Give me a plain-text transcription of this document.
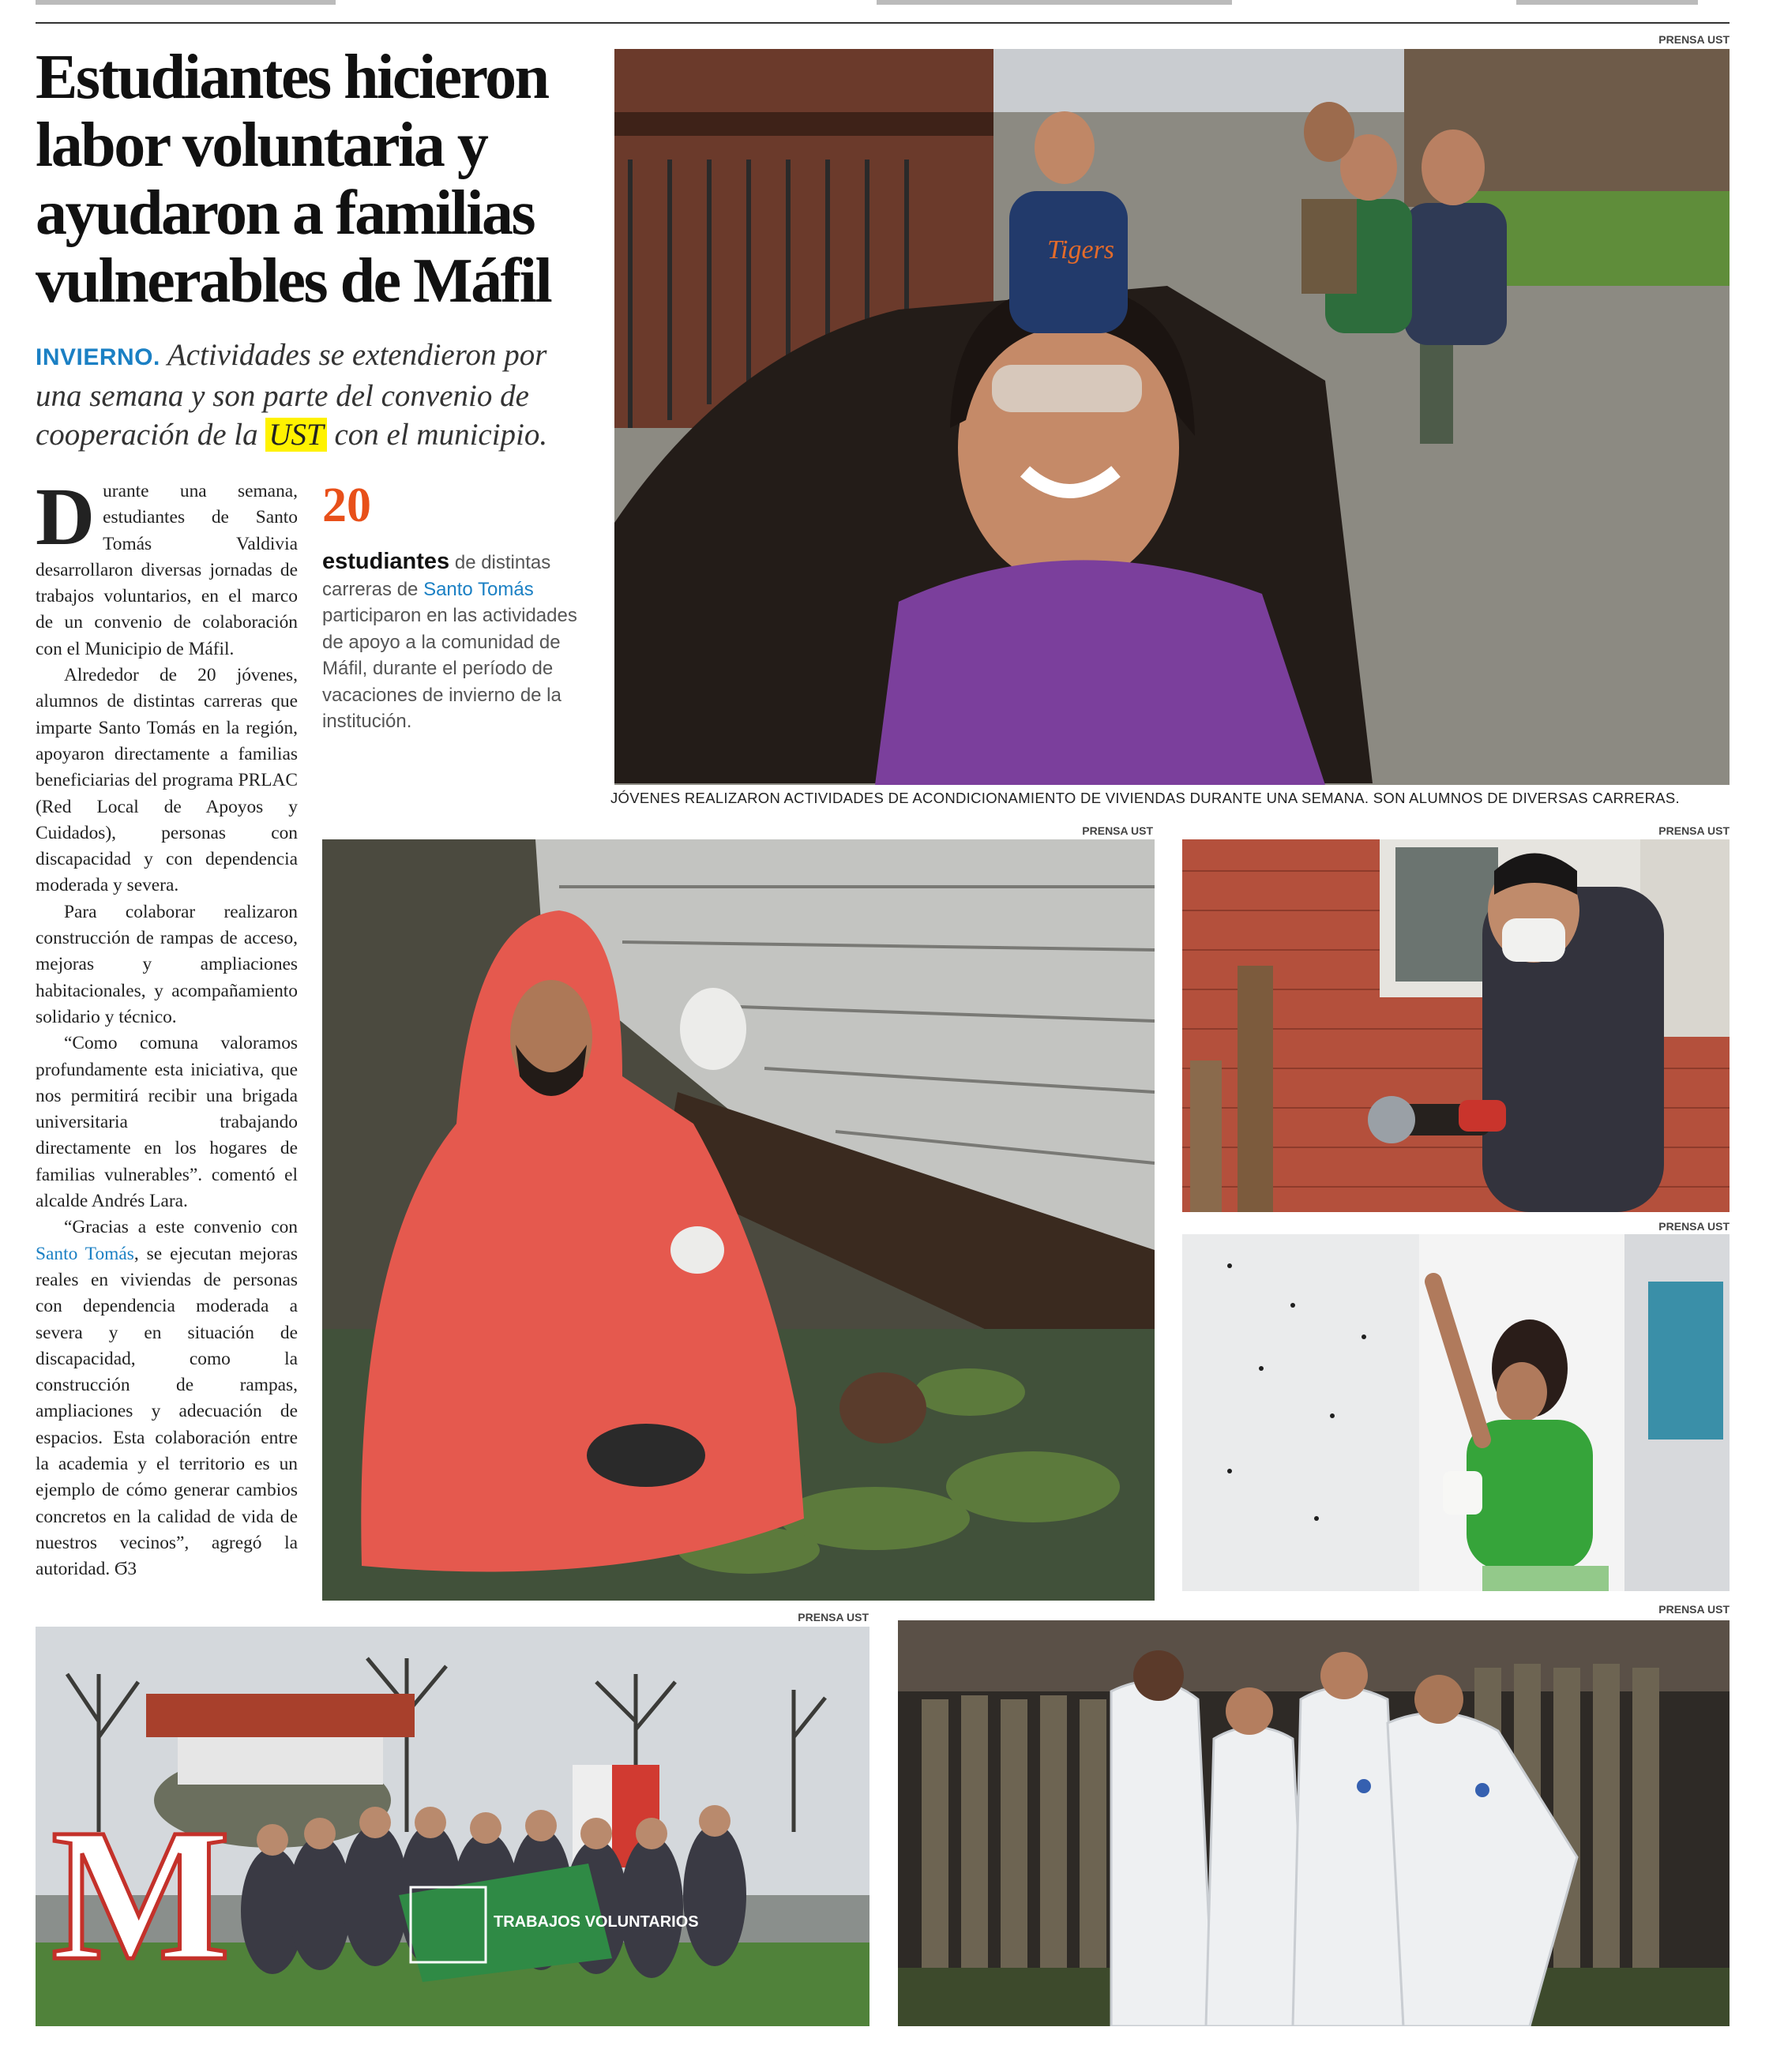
Estudiantes hicieron labor voluntaria y ayudaron a familias vulnerables de Máfil

INVIERNO. Actividades se extendieron por una semana y son parte del convenio de cooperación de la UST con el municipio.

Durante una semana, estudiantes de Santo Tomás Valdivia desarrollaron diversas jornadas de trabajos voluntarios, en el marco de un convenio de colaboración con el Municipio de Máfil.

Alrededor de 20 jóvenes, alumnos de distintas carreras que imparte Santo Tomás en la región, apoyaron directamente a familias beneficiarias del programa PRLAC (Red Local de Apoyos y Cuidados), personas con discapacidad y con dependencia moderada y severa.

Para colaborar realizaron construcción de rampas de acceso, mejoras y ampliaciones habitacionales, y acompañamiento solidario y técnico.

“Como comuna valoramos profundamente esta iniciativa, que nos permitirá recibir una brigada universitaria trabajando directamente en los hogares de familias vulnerables”. comentó el alcalde Andrés Lara.

“Gracias a este convenio con Santo Tomás, se ejecutan mejoras reales en viviendas de personas con dependencia moderada a severa y en situación de discapacidad, como la construcción de rampas, ampliaciones y adecuación de espacios. Esta colaboración entre la academia y el territorio es un ejemplo de cómo generar cambios concretos en la calidad de vida de nuestros vecinos”, agregó la autoridad. Ϭ3

20

estudiantes de distintas carreras de Santo Tomás participaron en las actividades de apoyo a la comunidad de Máfil, durante el período de vacaciones de invierno de la institución.

Tigers
PRENSA UST

JÓVENES REALIZARON ACTIVIDADES DE ACONDICIONAMIENTO DE VIVIENDAS DURANTE UNA SEMANA. SON ALUMNOS DE DIVERSAS CARRERAS.

PRENSA UST	PRENSA UST
PRENSA UST
PRENSA UST
M	TRABAJOS VOLUNTARIOS
PRENSA UST
